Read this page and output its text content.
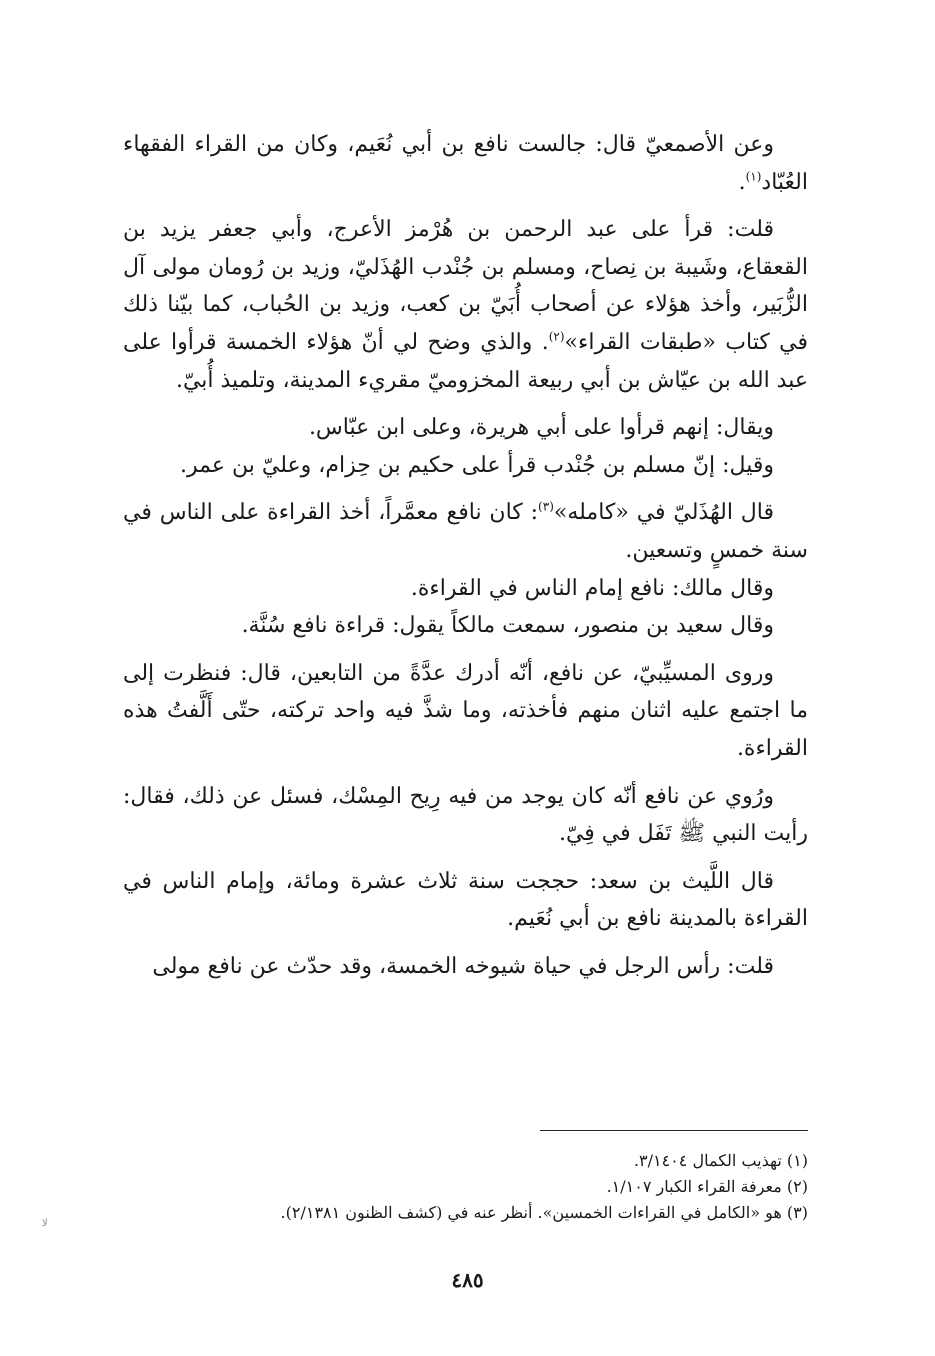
وعن الأصمعيّ قال: جالست نافع بن أبي نُعَيم، وكان من القراء الفقهاء العُبّاد$^{(١)}$.

قلت: قرأ على عبد الرحمن بن هُرْمز الأعرج، وأبي جعفر يزيد بن القعقاع، وشَيبة بن نِصاح، ومسلم بن جُنْدب الهُذَليّ، وزيد بن رُومان مولى آل الزُّبَير، وأخذ هؤلاء عن أصحاب أُبَيّ بن كعب، وزيد بن الحُباب، كما بيّنا ذلك في كتاب «طبقات القراء»$^{(٢)}$. والذي وضح لي أنّ هؤلاء الخمسة قرأوا على عبد الله بن عيّاش بن أبي ربيعة المخزوميّ مقريء المدينة، وتلميذ أُبيّ.

ويقال: إنهم قرأوا على أبي هريرة، وعلى ابن عبّاس.

وقيل: إنّ مسلم بن جُنْدب قرأ على حكيم بن حِزام، وعليّ بن عمر.

قال الهُذَليّ في «كامله»$^{(٣)}$: كان نافع معمَّراً، أخذ القراءة على الناس في سنة خمسٍ وتسعين.

وقال مالك: نافع إمام الناس في القراءة.

وقال سعيد بن منصور، سمعت مالكاً يقول: قراءة نافع سُنَّة.

وروى المسيِّبيّ، عن نافع، أنّه أدرك عدَّةً من التابعين، قال: فنظرت إلى ما اجتمع عليه اثنان منهم فأخذته، وما شذَّ فيه واحد تركته، حتّى أَلَّفتُ هذه القراءة.

ورُوي عن نافع أنّه كان يوجد من فيه رِيح المِسْك، فسئل عن ذلك، فقال: رأيت النبي ﷺ تَفَل في فِيّ.

قال اللَّيث بن سعد: حججت سنة ثلاث عشرة ومائة، وإمام الناس في القراءة بالمدينة نافع بن أبي نُعَيم.

قلت: رأس الرجل في حياة شيوخه الخمسة، وقد حدّث عن نافع مولى

(١) تهذيب الكمال ٣/١٤٠٤.

(٢) معرفة القراء الكبار ١/١٠٧.

(٣) هو «الكامل في القراءات الخمسين». أنظر عنه في (كشف الظنون ٢/١٣٨١).

ﻻ
٤٨٥
